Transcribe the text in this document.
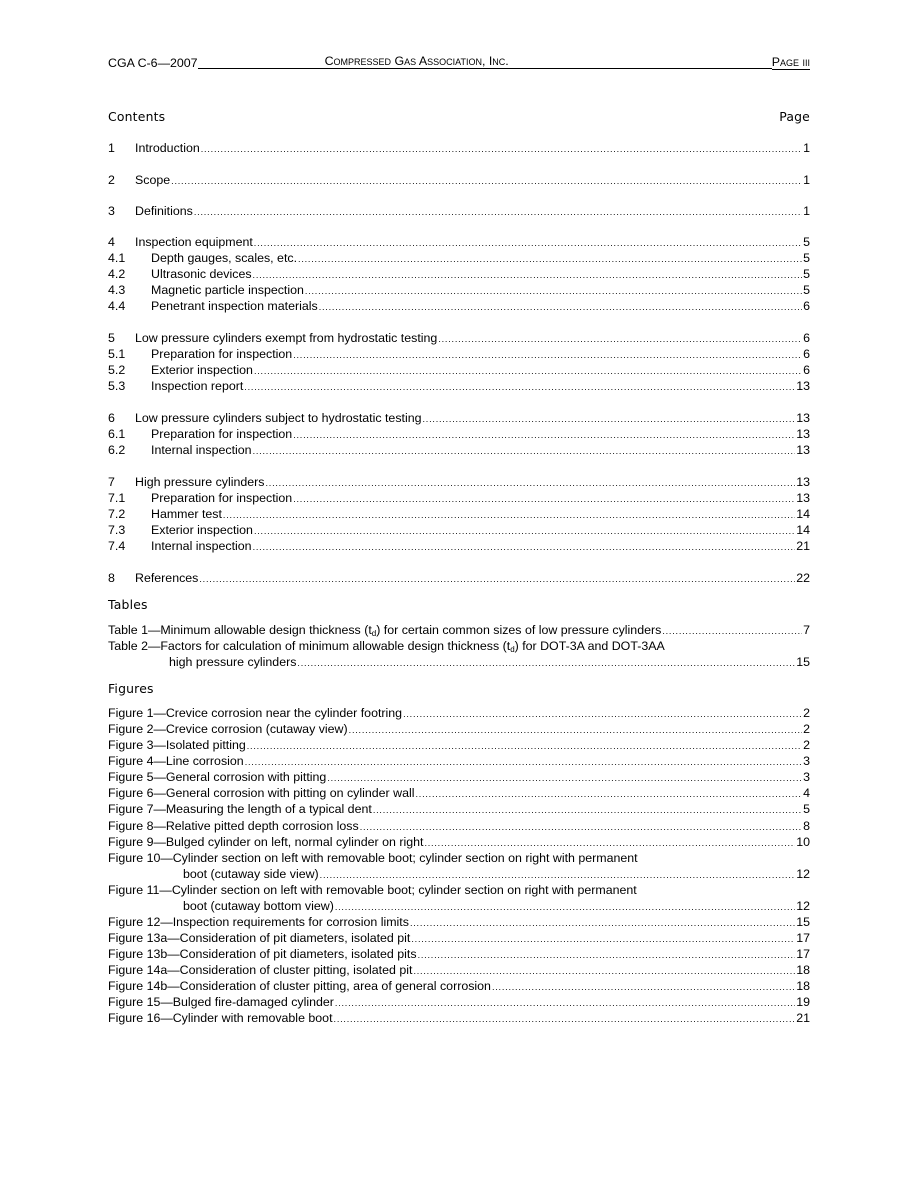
CGA C-6—2007	Compressed Gas Association, Inc.	Page iii
Contents	Page
1	Introduction .....	1
2	Scope .....	1
3	Definitions .....	1
4	Inspection equipment .....	5
4.1	Depth gauges, scales, etc. .....	5
4.2	Ultrasonic devices .....	5
4.3	Magnetic particle inspection .....	5
4.4	Penetrant inspection materials .....	6
5	Low pressure cylinders exempt from hydrostatic testing .....	6
5.1	Preparation for inspection .....	6
5.2	Exterior inspection .....	6
5.3	Inspection report .....	13
6	Low pressure cylinders subject to hydrostatic testing .....	13
6.1	Preparation for inspection .....	13
6.2	Internal inspection .....	13
7	High pressure cylinders .....	13
7.1	Preparation for inspection .....	13
7.2	Hammer test .....	14
7.3	Exterior inspection .....	14
7.4	Internal inspection .....	21
8	References .....	22
Tables
Table 1—Minimum allowable design thickness $(t_d)$ for certain common sizes of low pressure cylinders .....	7
Table 2—Factors for calculation of minimum allowable design thickness $(t_d)$ for DOT-3A and DOT-3AA
high pressure cylinders .....	15
Figures
Figure 1—Crevice corrosion near the cylinder footring .....	2
Figure 2—Crevice corrosion (cutaway view) .....	2
Figure 3—Isolated pitting .....	2
Figure 4—Line corrosion .....	3
Figure 5—General corrosion with pitting .....	3
Figure 6—General corrosion with pitting on cylinder wall .....	4
Figure 7—Measuring the length of a typical dent .....	5
Figure 8—Relative pitted depth corrosion loss .....	8
Figure 9—Bulged cylinder on left, normal cylinder on right .....	10
Figure 10—Cylinder section on left with removable boot; cylinder section on right with permanent
boot (cutaway side view) .....	12
Figure 11—Cylinder section on left with removable boot; cylinder section on right with permanent
boot (cutaway bottom view) .....	12
Figure 12—Inspection requirements for corrosion limits .....	15
Figure 13a—Consideration of pit diameters, isolated pit .....	17
Figure 13b—Consideration of pit diameters, isolated pits .....	17
Figure 14a—Consideration of cluster pitting, isolated pit .....	18
Figure 14b—Consideration of cluster pitting, area of general corrosion .....	18
Figure 15—Bulged fire-damaged cylinder .....	19
Figure 16—Cylinder with removable boot .....	21
